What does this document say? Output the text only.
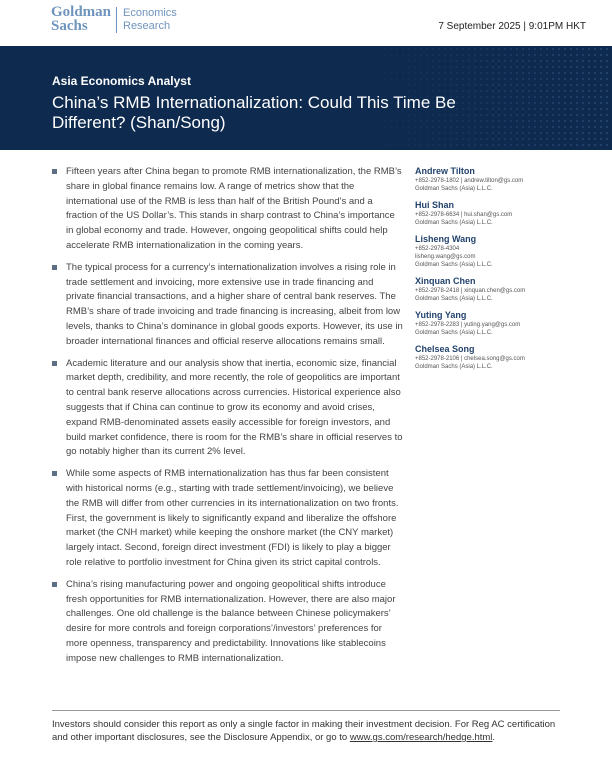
Goldman
Sachs
Economics
Research	7 September 2025 | 9:01PM HKT
Asia Economics Analyst
China’s RMB Internationalization: Could This Time Be Different? (Shan/Song)
Fifteen years after China began to promote RMB internationalization, the RMB’s share in global finance remains low. A range of metrics show that the international use of the RMB is less than half of the British Pound’s and a fraction of the US Dollar’s. This stands in sharp contrast to China’s importance in global economy and trade. However, ongoing geopolitical shifts could help accelerate RMB internationalization in the coming years.
The typical process for a currency’s internationalization involves a rising role in trade settlement and invoicing, more extensive use in trade financing and private financial transactions, and a higher share of central bank reserves. The RMB’s share of trade invoicing and trade financing is increasing, albeit from low levels, thanks to China’s dominance in global goods exports. However, its use in broader international finances and official reserve allocations remains small.
Academic literature and our analysis show that inertia, economic size, financial market depth, credibility, and more recently, the role of geopolitics are important to central bank reserve allocations across currencies. Historical experience also suggests that if China can continue to grow its economy and avoid crises, expand RMB-denominated assets easily accessible for foreign investors, and build market confidence, there is room for the RMB’s share in official reserves to go notably higher than its current 2% level.
While some aspects of RMB internationalization has thus far been consistent with historical norms (e.g., starting with trade settlement/invoicing), we believe the RMB will differ from other currencies in its internationalization on two fronts. First, the government is likely to significantly expand and liberalize the offshore market (the CNH market) while keeping the onshore market (the CNY market) largely intact. Second, foreign direct investment (FDI) is likely to play a bigger role relative to portfolio investment for China given its strict capital controls.
China’s rising manufacturing power and ongoing geopolitical shifts introduce fresh opportunities for RMB internationalization. However, there are also major challenges. One old challenge is the balance between Chinese policymakers’ desire for more controls and foreign corporations’/investors’ preferences for more openness, transparency and predictability. Innovations like stablecoins impose new challenges to RMB internationalization.
Andrew Tilton
+852-2978-1802 | andrew.tilton@gs.com
Goldman Sachs (Asia) L.L.C.
Hui Shan
+852-2978-6634 | hui.shan@gs.com
Goldman Sachs (Asia) L.L.C.
Lisheng Wang
+852-2978-4304
lisheng.wang@gs.com
Goldman Sachs (Asia) L.L.C.
Xinquan Chen
+852-2978-2418 | xinquan.chen@gs.com
Goldman Sachs (Asia) L.L.C.
Yuting Yang
+852-2978-2283 | yuting.yang@gs.com
Goldman Sachs (Asia) L.L.C.
Chelsea Song
+852-2978-2106 | chelsea.song@gs.com
Goldman Sachs (Asia) L.L.C.
Investors should consider this report as only a single factor in making their investment decision. For Reg AC certification and other important disclosures, see the Disclosure Appendix, or go to www.gs.com/research/hedge.html.
